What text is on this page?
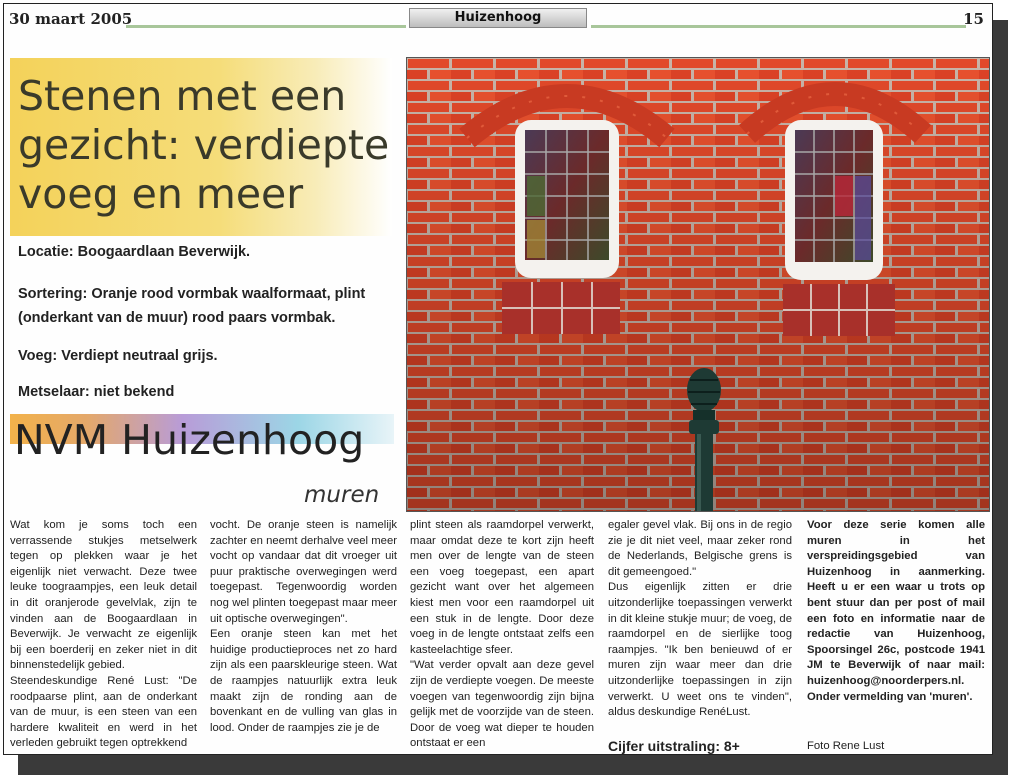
30 maart 2005	Huizenhoog	15
Stenen met een gezicht: verdiepte voeg en meer
Locatie: Boogaardlaan Beverwijk.
Sortering: Oranje rood vormbak waalformaat, plint (onderkant van de muur) rood paars vormbak.
Voeg: Verdiept neutraal grijs.
Metselaar: niet bekend
NVM Huizenhoog
muren

Wat kom je soms toch een verrassende stukjes metselwerk tegen op plekken waar je het eigenlijk niet verwacht. Deze twee leuke toograampjes, een leuk detail in dit oranjerode gevelvlak, zijn te vinden aan de Boogaardlaan in Beverwijk. Je verwacht ze eigenlijk bij een boerderij en zeker niet in dit binnenstedelijk gebied.

Steendeskundige René Lust: "De roodpaarse plint, aan de onderkant van de muur, is een steen van een hardere kwaliteit en werd in het verleden gebruikt tegen optrekkend

vocht. De oranje steen is namelijk zachter en neemt derhalve veel meer vocht op vandaar dat dit vroeger uit puur praktische overwegingen werd toegepast. Tegenwoordig worden nog wel plinten toegepast maar meer uit optische overwegingen".

Een oranje steen kan met het huidige productieproces net zo hard zijn als een paarskleurige steen. Wat de raampjes natuurlijk extra leuk maakt zijn de ronding aan de bovenkant en de vulling van glas in lood. Onder de raampjes zie je de

plint steen als raamdorpel verwerkt, maar omdat deze te kort zijn heeft men over de lengte van de steen een voeg toegepast, een apart gezicht want over het algemeen kiest men voor een raamdorpel uit een stuk in de lengte. Door deze voeg in de lengte ontstaat zelfs een kasteelachtige sfeer.

"Wat verder opvalt aan deze gevel zijn de verdiepte voegen. De meeste voegen van tegenwoordig zijn bijna gelijk met de voorzijde van de steen. Door de voeg wat dieper te houden ontstaat er een

egaler gevel vlak. Bij ons in de regio zie je dit niet veel, maar zeker rond de Nederlands, Belgische grens is dit gemeengoed."

Dus eigenlijk zitten er drie uitzonderlijke toepassingen verwerkt in dit kleine stukje muur; de voeg, de raamdorpel en de sierlijke toog raampjes. "Ik ben benieuwd of er muren zijn waar meer dan drie uitzonderlijke toepassingen in zijn verwerkt. U weet ons te vinden", aldus deskundige RenéLust.

Voor deze serie komen alle muren in het verspreidingsgebied van Huizenhoog in aanmerking. Heeft u er een waar u trots op bent stuur dan per post of mail een foto en informatie naar de redactie van Huizenhoog, Spoorsingel 26c, postcode 1941 JM te Beverwijk of naar mail: huizenhoog@noorderpers.nl. Onder vermelding van 'muren'.

Cijfer uitstraling: 8+	Foto Rene Lust
